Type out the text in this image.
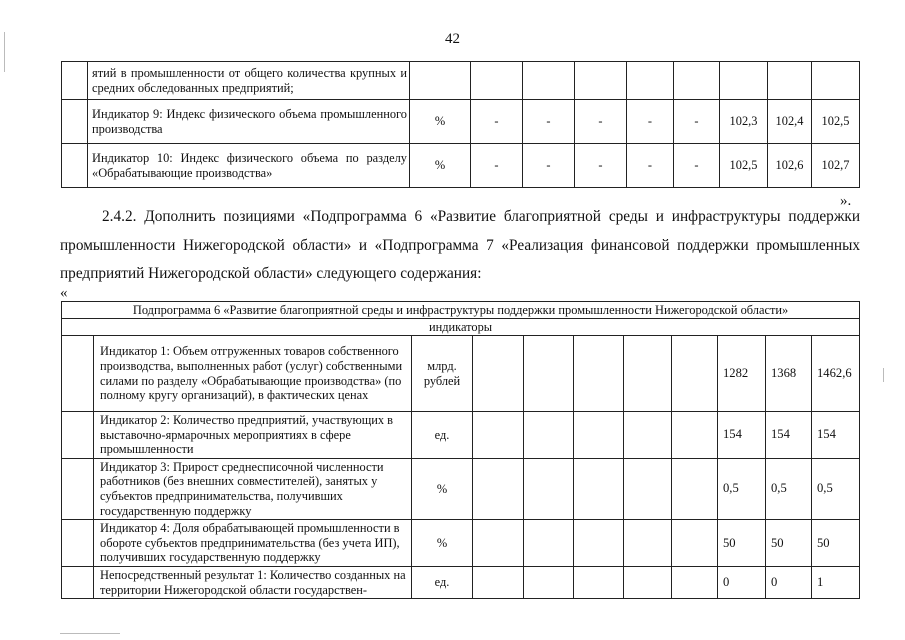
42
	ятий в промышленности от общего количества крупных и средних обследованных предприятий;									
	Индикатор 9: Индекс физического объема промышленного производства	%	-	-	-	-	-	102,3	102,4	102,5
	Индикатор 10: Индекс физического объема по разделу «Обрабатывающие производства»	%	-	-	-	-	-	102,5	102,6	102,7
».

2.4.2. Дополнить позициями «Подпрограмма 6 «Развитие благоприятной среды и инфраструктуры поддержки промышленности Нижегородской области» и «Подпрограмма 7 «Реализация финансовой поддержки промышленных предприятий Нижегородской области» следующего содержания:

«
Подпрограмма 6 «Развитие благоприятной среды и инфраструктуры поддержки промышленности Нижегородской области»										
индикаторы										
	Индикатор 1: Объем отгруженных товаров собственного производства, выполненных работ (услуг) собственными силами по разделу «Обрабатывающие производства» (по полному кругу организаций), в фактических ценах	млрд. рублей						1282	1368	1462,6
	Индикатор 2: Количество предприятий, участвующих в выставочно-ярмарочных мероприятиях в сфере промышленности	ед.						154	154	154
	Индикатор 3: Прирост среднесписочной численности работников (без внешних совместителей), занятых у субъектов предпринимательства, получивших государственную поддержку	%						0,5	0,5	0,5
	Индикатор 4: Доля обрабатывающей промышленности в обороте субъектов предпринимательства (без учета ИП), получивших государственную поддержку	%						50	50	50
	Непосредственный результат 1: Количество созданных на территории Нижегородской области государствен-	ед.						0	0	1
